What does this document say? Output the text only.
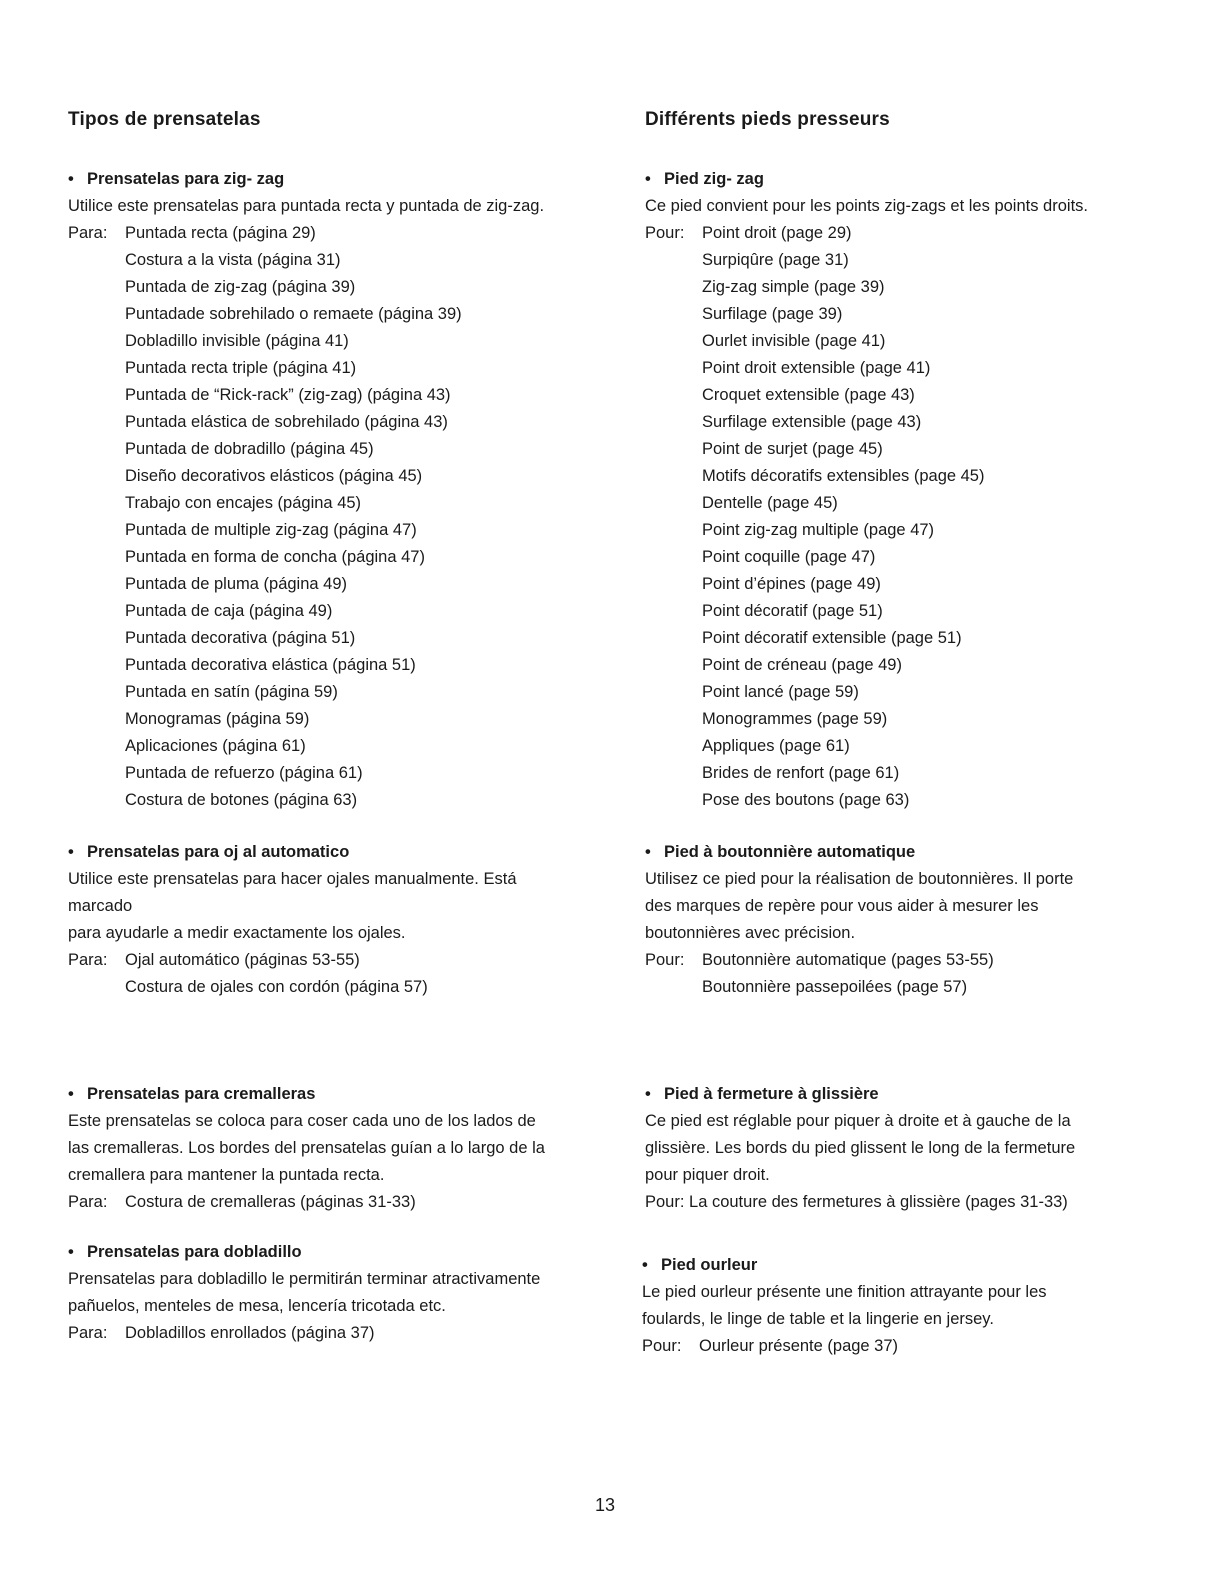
Tipos de prensatelas
• Prensatelas para zig- zag
Utilice este prensatelas para puntada recta y puntada de zig-zag.
Para:	Puntada recta (página 29)
Costura a la vista (página 31)
Puntada de zig-zag (página 39)
Puntadade sobrehilado o remaete (página 39)
Dobladillo invisible (página 41)
Puntada recta triple (página 41)
Puntada de “Rick-rack” (zig-zag) (página 43)
Puntada elástica de sobrehilado (página 43)
Puntada de dobradillo (página 45)
Diseño decorativos elásticos (página 45)
Trabajo con encajes (página 45)
Puntada de multiple zig-zag (página 47)
Puntada en forma de concha (página 47)
Puntada de pluma (página 49)
Puntada de caja (página 49)
Puntada decorativa (página 51)
Puntada decorativa elástica (página 51)
Puntada en satín (página 59)
Monogramas (página 59)
Aplicaciones (página 61)
Puntada de refuerzo (página 61)
Costura de botones (página 63)
• Prensatelas para oj al automatico
Utilice este prensatelas para hacer ojales manualmente. Está
marcado
para ayudarle a medir exactamente los ojales.
Para:	Ojal automático (páginas 53-55)
Costura de ojales con cordón (página 57)
• Prensatelas para cremalleras
Este prensatelas se coloca para coser cada uno de los lados de
las cremalleras. Los bordes del prensatelas guían a lo largo de la
cremallera para mantener la puntada recta.
Para:	Costura de cremalleras (páginas 31-33)
• Prensatelas para dobladillo
Prensatelas para dobladillo le permitirán terminar atractivamente
pañuelos, menteles de mesa, lencería tricotada etc.
Para:	Dobladillos enrollados (página 37)
Différents pieds presseurs
• Pied zig- zag
Ce pied convient pour les points zig-zags et les points droits.
Pour:	Point droit (page 29)
Surpiqûre (page 31)
Zig-zag simple (page 39)
Surfilage (page 39)
Ourlet invisible (page 41)
Point droit extensible (page 41)
Croquet extensible (page 43)
Surfilage extensible (page 43)
Point de surjet (page 45)
Motifs décoratifs extensibles (page 45)
Dentelle (page 45)
Point zig-zag multiple (page 47)
Point coquille (page 47)
Point d’épines (page 49)
Point décoratif (page 51)
Point décoratif extensible (page 51)
Point de créneau (page 49)
Point lancé (page 59)
Monogrammes (page 59)
Appliques (page 61)
Brides de renfort (page 61)
Pose des boutons (page 63)
• Pied à boutonnière automatique
Utilisez ce pied pour la réalisation de boutonnières. Il porte
des marques de repère pour vous aider à mesurer les
boutonnières avec précision.
Pour:	Boutonnière automatique (pages 53-55)
Boutonnière passepoilées (page 57)
• Pied à fermeture à glissière
Ce pied est réglable pour piquer à droite et à gauche de la
glissière. Les bords du pied glissent le long de la fermeture
pour piquer droit.
Pour: La couture des fermetures à glissière (pages 31-33)
• Pied ourleur
Le pied ourleur présente une finition attrayante pour les
foulards, le linge de table et la lingerie en jersey.
Pour:	Ourleur présente (page 37)
13
